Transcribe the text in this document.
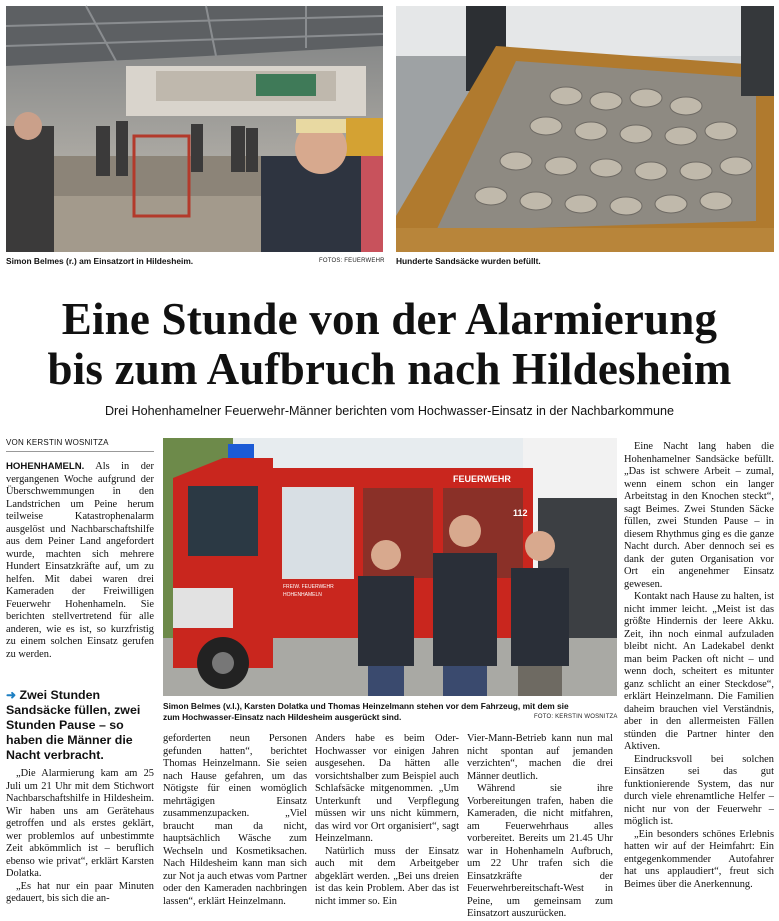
Simon Belmes (r.) am Einsatzort in Hildesheim.	FOTOS: FEUERWEHR Hunderte Sandsäcke wurden befüllt.
Eine Stunde von der Alarmierung
bis zum Aufbruch nach Hildesheim
Drei Hohenhamelner Feuerwehr-Männer berichten vom Hochwasser-Einsatz in der Nachbarkommune
VON KERSTIN WOSNITZA

HOHENHAMELN. Als in der vergangenen Woche aufgrund der Überschwemmungen in den Landstrichen um Peine herum teilweise Katastrophenalarm ausgelöst und Nachbarschaftshilfe aus dem Peiner Land angefordert wurde, machten sich mehrere Hundert Einsatzkräfte auf, um zu helfen. Mit dabei waren drei Kameraden der Freiwilligen Feuerwehr Hohenhameln. Sie berichten stellvertretend für alle anderen, wie es ist, so kurzfristig zu einem solchen Einsatz gerufen zu werden.

➜ Zwei Stunden Sandsäcke füllen, zwei Stunden Pause – so haben die Männer die Nacht verbracht.

„Die Alarmierung kam am 25 Juli um 21 Uhr mit dem Stichwort Nachbarschaftshilfe in Hildesheim. Wir haben uns am Gerätehaus getroffen und als erstes geklärt, wer problemlos auf unbestimmte Zeit abkömmlich ist – beruflich ebenso wie privat“, erklärt Karsten Dolatka.

„Es hat nur ein paar Minuten gedauert, bis sich die an-

FREIW. FEUERWEHR
HOHENHAMELN
FEUERWEHR
112
Simon Belmes (v.l.), Karsten Dolatka und Thomas Heinzelmann stehen vor dem Fahrzeug, mit dem sie
zum Hochwasser-Einsatz nach Hildesheim ausgerückt sind.	FOTO: KERSTIN WOSNITZA

geforderten neun Personen gefunden hatten“, berichtet Thomas Heinzelmann. Sie seien nach Hause gefahren, um das Nötigste für einen womöglich mehrtägigen Einsatz zusammenzupacken. „Viel braucht man da nicht, hauptsächlich Wäsche zum Wechseln und Kosmetiksachen. Nach Hildesheim kann man sich zur Not ja auch etwas vom Partner oder den Kameraden nachbringen lassen“, erklärt Heinzelmann.

Anders habe es beim Oder-Hochwasser vor einigen Jahren ausgesehen. Da hätten alle vorsichtshalber zum Beispiel auch Schlafsäcke mitgenommen. „Um Unterkunft und Verpflegung müssen wir uns nicht kümmern, das wird vor Ort organisiert“, sagt Heinzelmann.

Natürlich muss der Einsatz auch mit dem Arbeitgeber abgeklärt werden. „Bei uns dreien ist das kein Problem. Aber das ist nicht immer so. Ein

Vier-Mann-Betrieb kann nun mal nicht spontan auf jemanden verzichten“, machen die drei Männer deutlich.

Während sie ihre Vorbereitungen trafen, haben die Kameraden, die nicht mitfahren, am Feuerwehrhaus alles vorbereitet. Bereits um 21.45 Uhr war in Hohenhameln Aufbruch, um 22 Uhr trafen sich die Einsatzkräfte der Feuerwehrbereitschaft-West in Peine, um gemeinsam zum Einsatzort auszurücken.

Eine Nacht lang haben die Hohenhamelner Sandsäcke befüllt. „Das ist schwere Arbeit – zumal, wenn einem schon ein langer Arbeitstag in den Knochen steckt“, sagt Beimes. Zwei Stunden Säcke füllen, zwei Stunden Pause – in diesem Rhythmus ging es die ganze Nacht durch. Aber dennoch sei es dank der guten Organisation vor Ort ein angenehmer Einsatz gewesen.

Kontakt nach Hause zu halten, ist nicht immer leicht. „Meist ist das größte Hindernis der leere Akku. Zeit, ihn noch einmal aufzuladen bleibt nicht. An Ladekabel denkt man beim Packen oft nicht – und wenn doch, scheitert es mitunter ganz schlicht an einer Steckdose“, erklärt Heinzelmann. Die Familien daheim brauchen viel Verständnis, aber in den allermeisten Fällen stünden die Partner hinter den Aktiven.

Eindrucksvoll bei solchen Einsätzen sei das gut funktionierende System, das nur durch viele ehrenamtliche Helfer – nicht nur von der Feuerwehr – möglich ist.

„Ein besonders schönes Erlebnis hatten wir auf der Heimfahrt: Ein entgegenkommender Autofahrer hat uns applaudiert“, freut sich Beimes über die Anerkennung.
